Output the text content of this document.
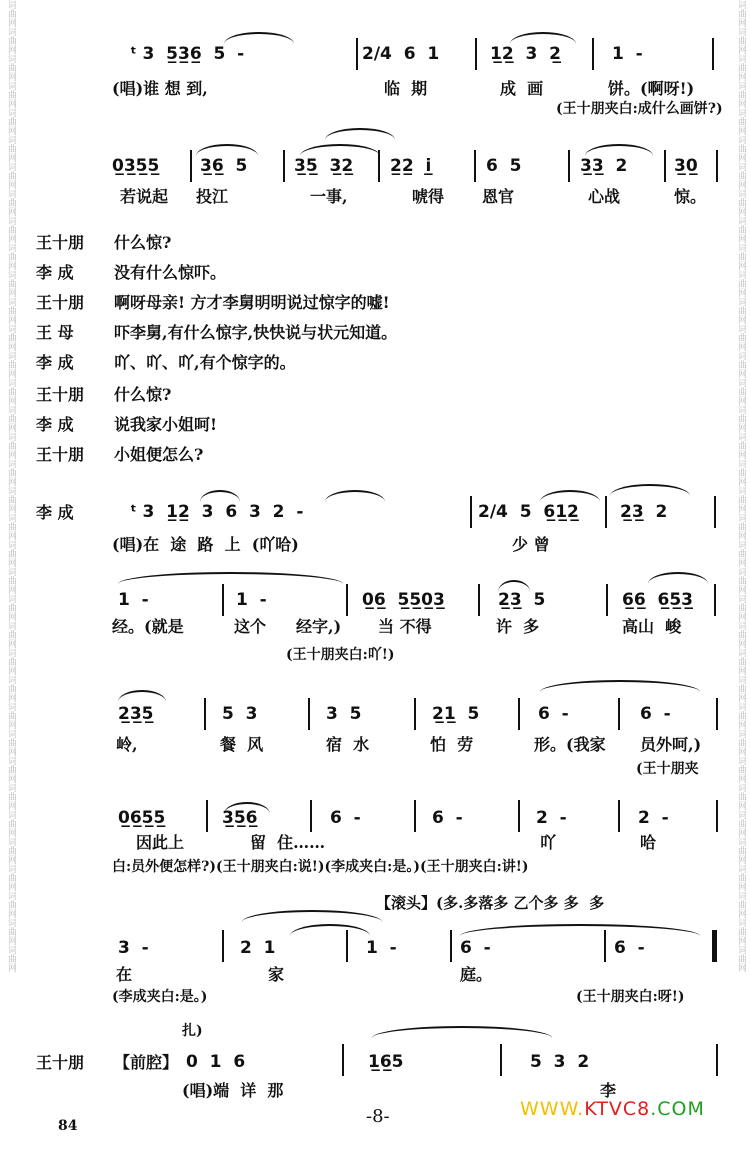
词曲网词曲网词曲网词曲网词曲网词曲网词曲网词曲网词曲网词曲网词曲网词曲网词曲网词曲网词曲网词曲网词曲网词曲网词曲网词曲网词曲网词曲网词曲网词曲网词曲网词曲网词曲网词曲网词曲网词曲网词曲网词曲网词曲网词曲网词曲网词曲网	词曲网词曲网词曲网词曲网词曲网词曲网词曲网词曲网词曲网词曲网词曲网词曲网词曲网词曲网词曲网词曲网词曲网词曲网词曲网词曲网词曲网词曲网词曲网词曲网词曲网词曲网词曲网词曲网词曲网词曲网词曲网词曲网词曲网词曲网词曲网词曲网
ᵗ 3  5̲3̲6̲  5  -	2/4  6  1	1̲2̲  3  2̲	1  -
(唱)谁 想 到,	临  期	成  画	饼。(啊呀!)
(王十朋夹白:成什么画饼?)
0̲3̲5̲5̲ 3̲6̲  5	3̲5̲  3̲2̲ 2̲2̲  i̲	6  5	3̲3̲  2	3̲0̲
若说起 投江	一事,	唬得 恩官	心战	惊。
王十朋 什么惊?
李 成	没有什么惊吓。
王十朋 啊呀母亲! 方才李舅明明说过惊字的嘘!
王 母	吓李舅,有什么惊字,快快说与状元知道。
李 成	吖、吖、吖,有个惊字的。
王十朋 什么惊?
李 成	说我家小姐呵!
王十朋 小姐便怎么?
李 成	ᵗ 3  1̲2̲  3  6  3  2  -	2/4  5  6̲1̲2̲ 2̲3̲  2
(唱)在  途  路  上  (吖哈)	少 曾
1  -	1  -	0̲6̲  5̲5̲0̲3̲	2̲3̲  5	6̲6̲  6̲5̲3̲
经。(就是	这个 经字,) 当 不得	许  多	高山  峻
(王十朋夹白:吖!)
2̲3̲5̲	5  3	3  5	2̲1̲  5	6  -	6  -
岭,	餐  风	宿  水	怕  劳	形。(我家 员外呵,)
(王十朋夹
0̲6̲5̲5̲	3̲5̲6̲	6  -	6  -	2  -	2  -
因此上	留  住……	吖	哈
白:员外便怎样?)(王十朋夹白:说!)(李成夹白:是。)(王十朋夹白:讲!)
【滚头】(多.多落多 乙个多 多  多
3  -	2  1	1  -	6  -	6  -
在	家	庭。
(李成夹白:是。)	(王十朋夹白:呀!)
扎)
王十朋	【前腔】 0  1  6	1̲6̲5	5  3  2
(唱)端  详  那	李
84	-8-	WWW.KTVC8.COM
